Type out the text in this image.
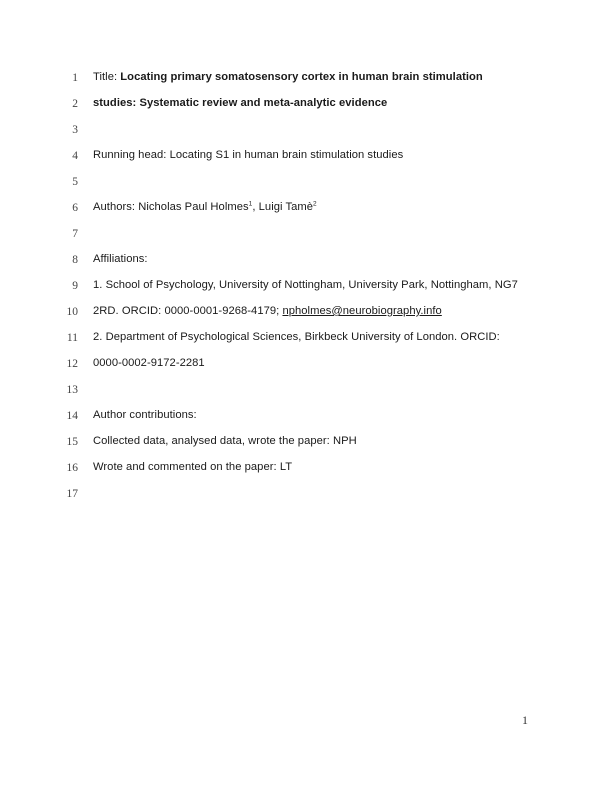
1 Title: Locating primary somatosensory cortex in human brain stimulation
2 studies: Systematic review and meta-analytic evidence
3
4 Running head: Locating S1 in human brain stimulation studies
5
6 Authors: Nicholas Paul Holmes$^1$, Luigi Tamè$^2$
7
8 Affiliations:
9 1. School of Psychology, University of Nottingham, University Park, Nottingham, NG7
10 2RD. ORCID: 0000-0001-9268-4179; npholmes@neurobiography.info
11 2. Department of Psychological Sciences, Birkbeck University of London. ORCID:
12 0000-0002-9172-2281
13
14 Author contributions:
15 Collected data, analysed data, wrote the paper: NPH
16 Wrote and commented on the paper: LT
17
1
